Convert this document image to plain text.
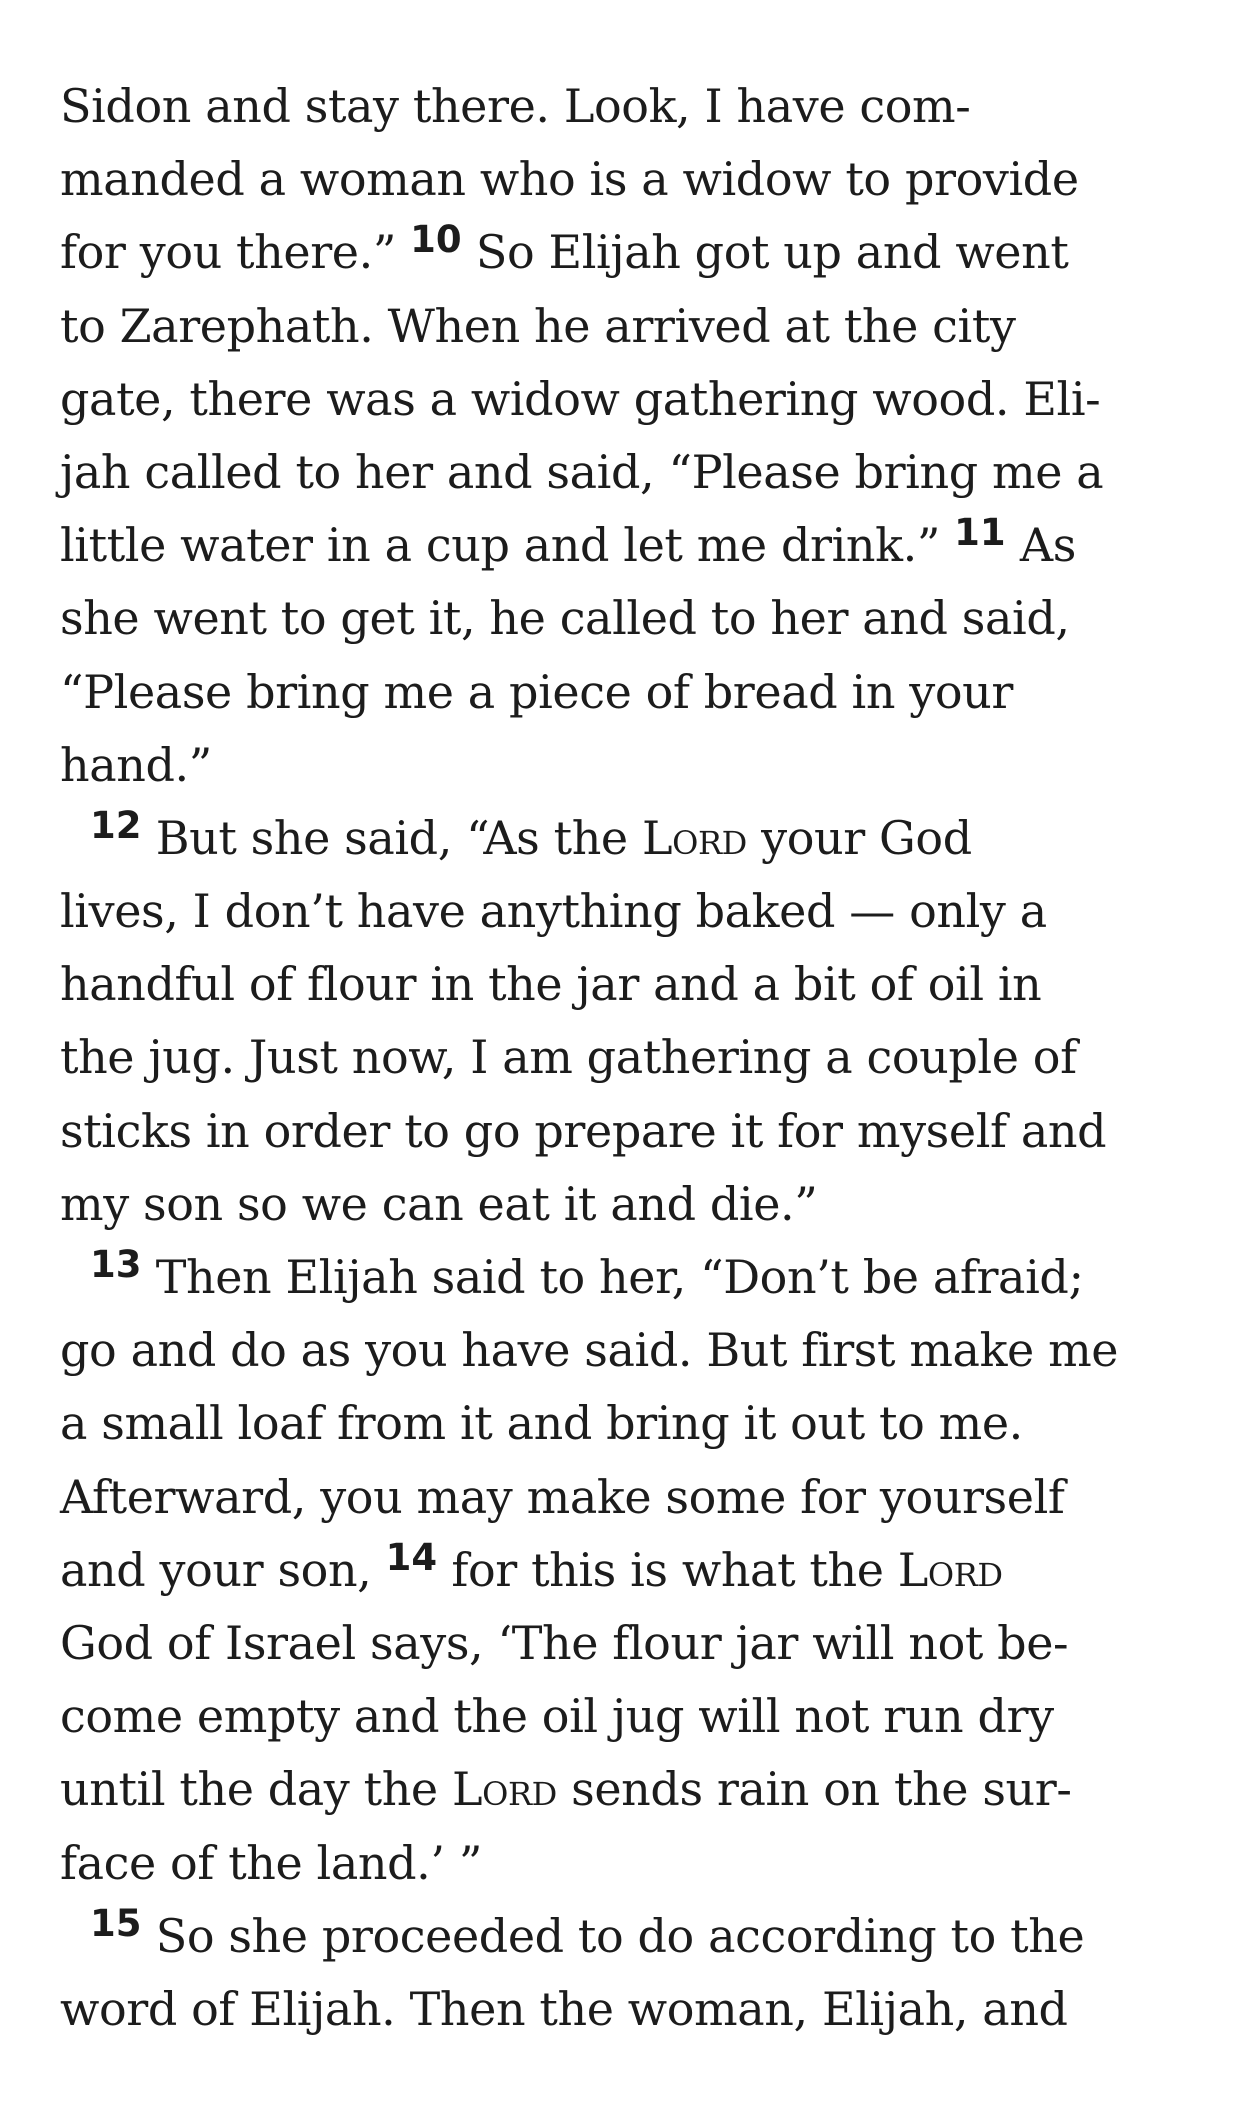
Sidon and stay there. Look, I have com-
manded a woman who is a widow to provide
for you there.” $^{10}$ So Elijah got up and went
to Zarephath. When he arrived at the city
gate, there was a widow gathering wood. Eli-
jah called to her and said, “Please bring me a
little water in a cup and let me drink.” $^{11}$ As
she went to get it, he called to her and said,
“Please bring me a piece of bread in your
hand.”
$^{12}$ But she said, “As the Lord your God
lives, I don’t have anything baked — only a
handful of flour in the jar and a bit of oil in
the jug. Just now, I am gathering a couple of
sticks in order to go prepare it for myself and
my son so we can eat it and die.”
$^{13}$ Then Elijah said to her, “Don’t be afraid;
go and do as you have said. But first make me
a small loaf from it and bring it out to me.
Afterward, you may make some for yourself
and your son, $^{14}$ for this is what the Lord
God of Israel says, ‘The flour jar will not be-
come empty and the oil jug will not run dry
until the day the Lord sends rain on the sur-
face of the land.’ ”
$^{15}$ So she proceeded to do according to the
word of Elijah. Then the woman, Elijah, and
